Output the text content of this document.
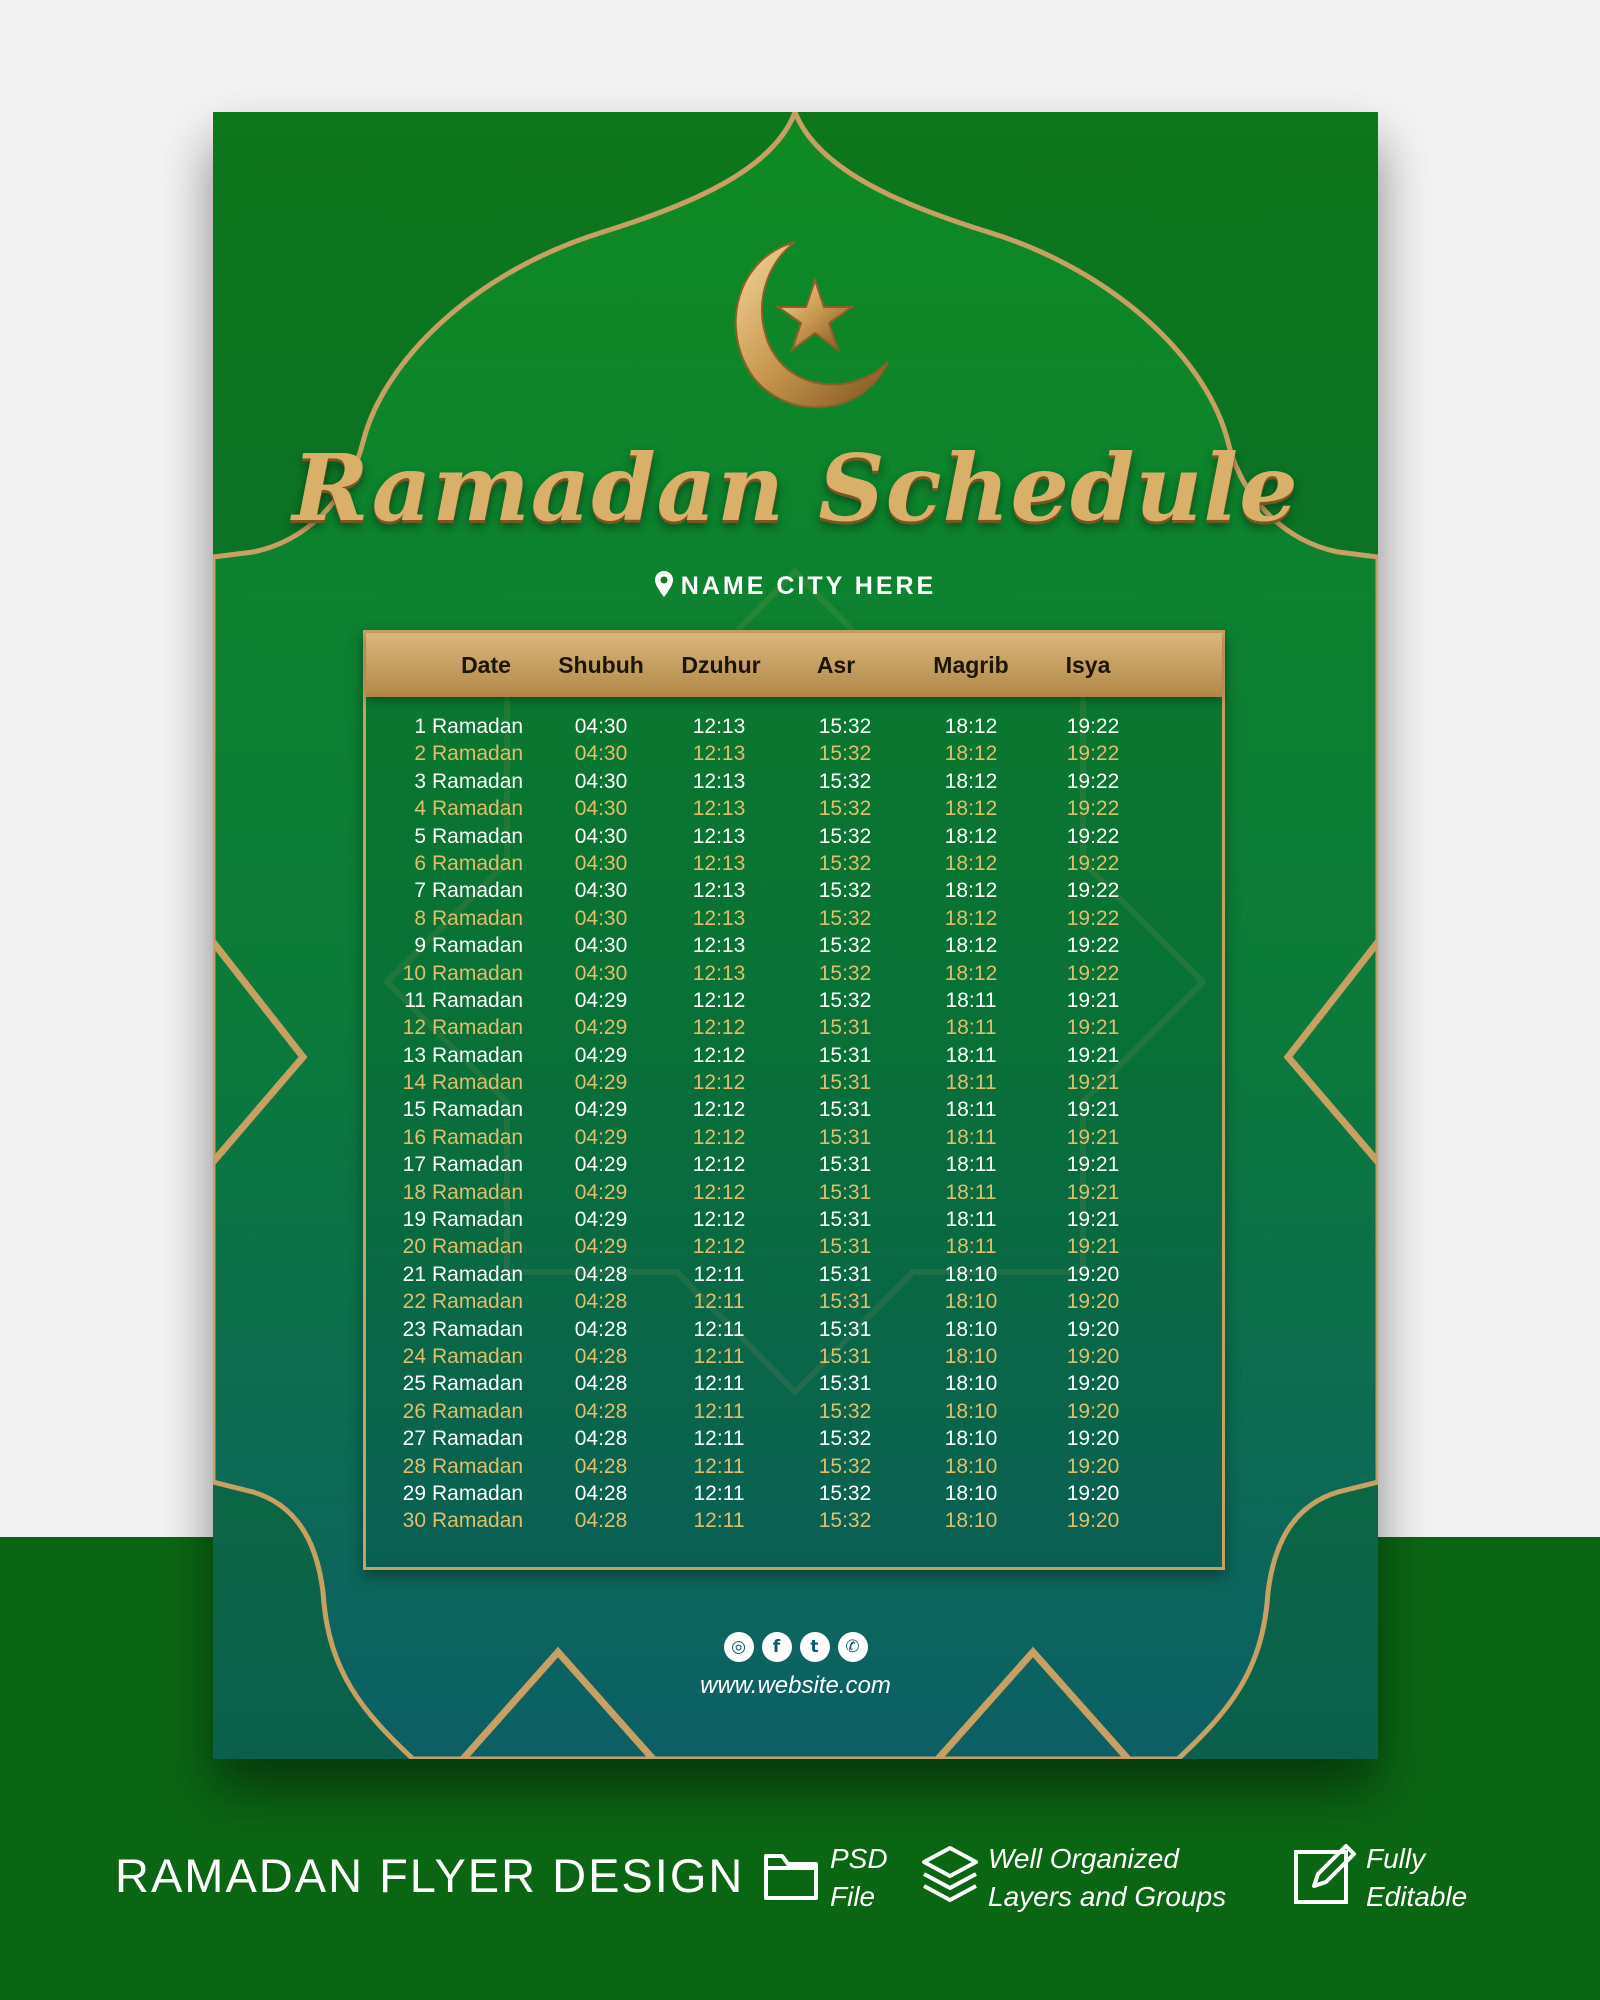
Ramadan Schedule
NAME CITY HERE
Date	Shubuh	Dzuhur	Asr	Magrib	Isya
1 Ramadan	04:30	12:13	15:32	18:12	19:22
2 Ramadan	04:30	12:13	15:32	18:12	19:22
3 Ramadan	04:30	12:13	15:32	18:12	19:22
4 Ramadan	04:30	12:13	15:32	18:12	19:22
5 Ramadan	04:30	12:13	15:32	18:12	19:22
6 Ramadan	04:30	12:13	15:32	18:12	19:22
7 Ramadan	04:30	12:13	15:32	18:12	19:22
8 Ramadan	04:30	12:13	15:32	18:12	19:22
9 Ramadan	04:30	12:13	15:32	18:12	19:22
10 Ramadan	04:30	12:13	15:32	18:12	19:22
11 Ramadan	04:29	12:12	15:32	18:11	19:21
12 Ramadan	04:29	12:12	15:31	18:11	19:21
13 Ramadan	04:29	12:12	15:31	18:11	19:21
14 Ramadan	04:29	12:12	15:31	18:11	19:21
15 Ramadan	04:29	12:12	15:31	18:11	19:21
16 Ramadan	04:29	12:12	15:31	18:11	19:21
17 Ramadan	04:29	12:12	15:31	18:11	19:21
18 Ramadan	04:29	12:12	15:31	18:11	19:21
19 Ramadan	04:29	12:12	15:31	18:11	19:21
20 Ramadan	04:29	12:12	15:31	18:11	19:21
21 Ramadan	04:28	12:11	15:31	18:10	19:20
22 Ramadan	04:28	12:11	15:31	18:10	19:20
23 Ramadan	04:28	12:11	15:31	18:10	19:20
24 Ramadan	04:28	12:11	15:31	18:10	19:20
25 Ramadan	04:28	12:11	15:31	18:10	19:20
26 Ramadan	04:28	12:11	15:32	18:10	19:20
27 Ramadan	04:28	12:11	15:32	18:10	19:20
28 Ramadan	04:28	12:11	15:32	18:10	19:20
29 Ramadan	04:28	12:11	15:32	18:10	19:20
30 Ramadan	04:28	12:11	15:32	18:10	19:20
◎ f t ✆
www.website.com
RAMADAN FLYER DESIGN	PSD
File
Well Organized
Layers and Groups
Fully
Editable
